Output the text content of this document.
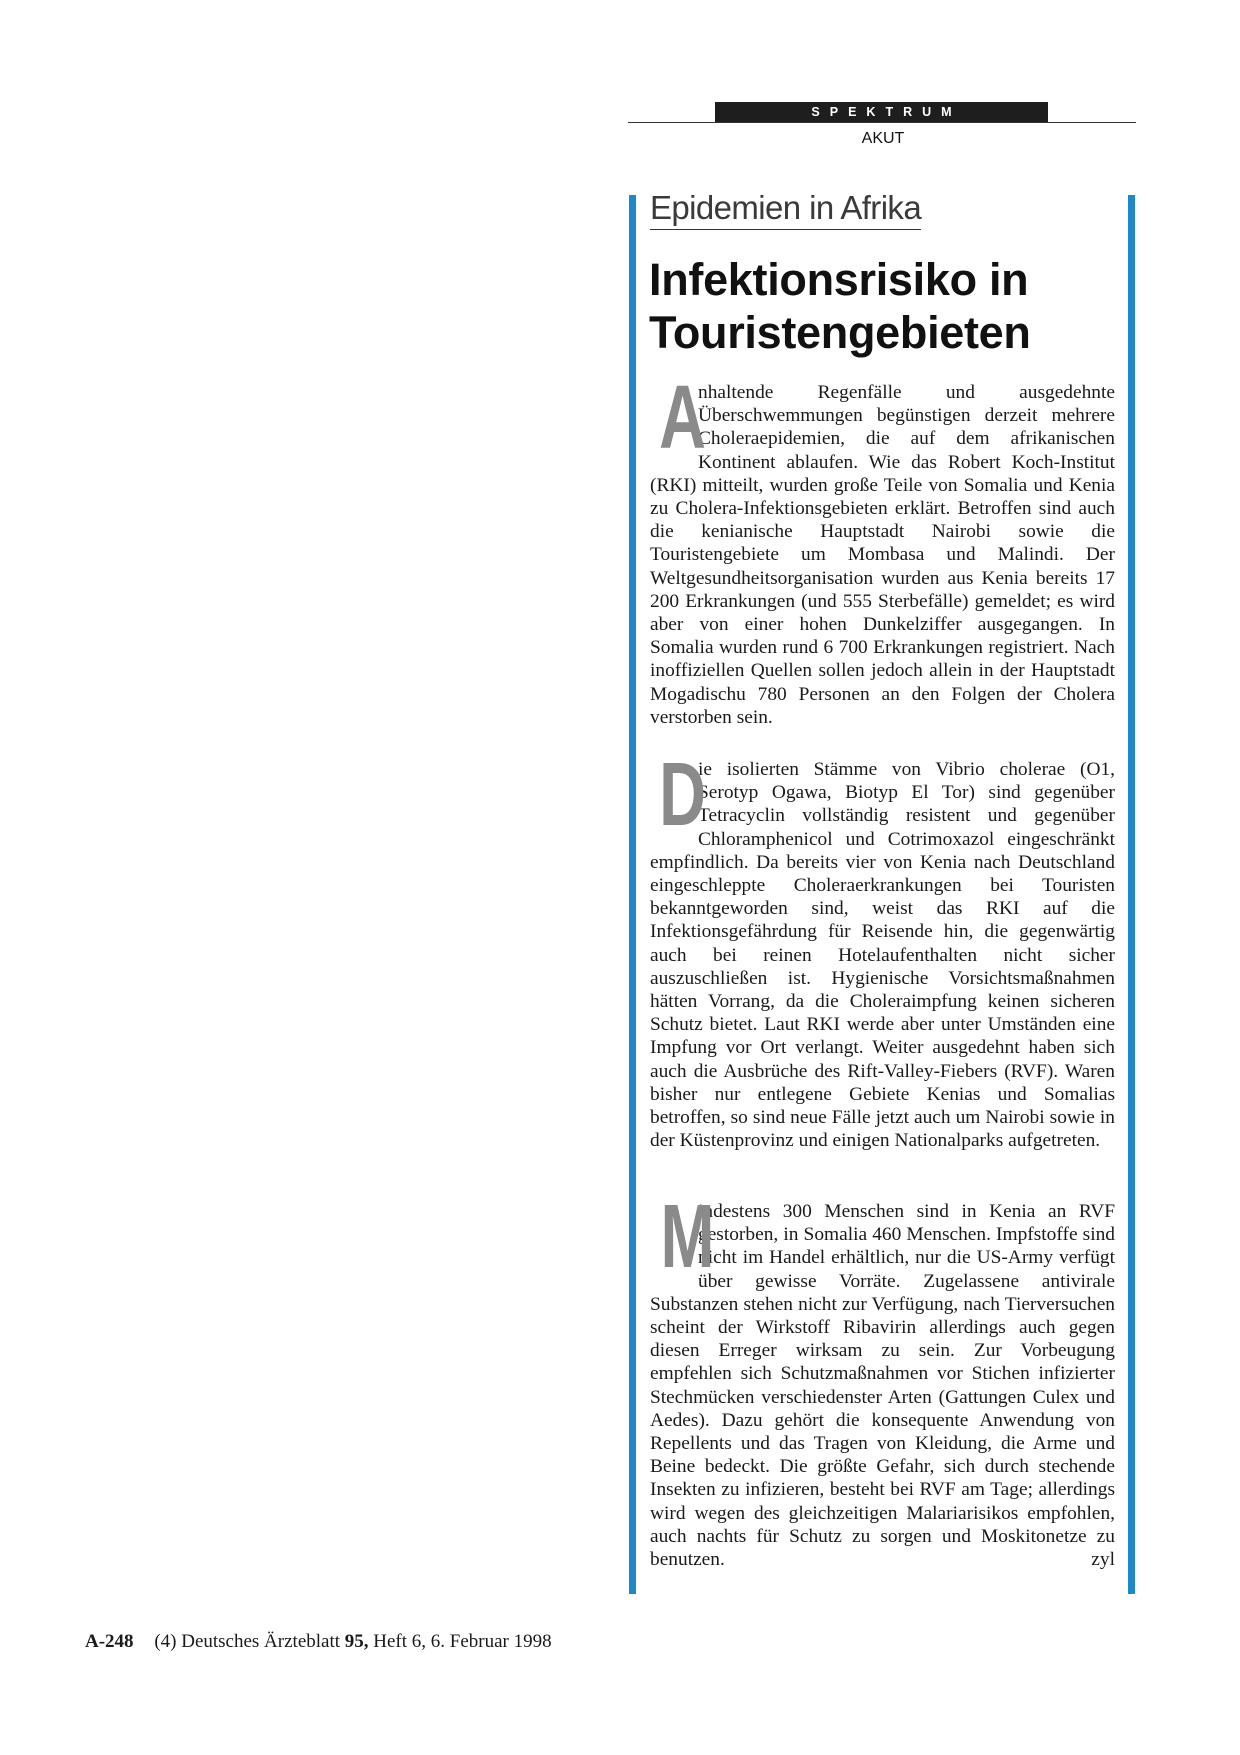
SPEKTRUM
AKUT
Epidemien in Afrika
Infektionsrisiko in Touristengebieten

A
nhaltende Regenfälle und ausgedehnte Überschwemmungen begünstigen derzeit mehrere Choleraepidemien, die auf dem afrikanischen Kontinent ablaufen. Wie das Robert Koch-Institut (RKI) mitteilt, wurden große Teile von Somalia und Kenia zu Cholera-Infektionsgebieten erklärt. Betroffen sind auch die kenianische Hauptstadt Nairobi sowie die Touristengebiete um Mombasa und Malindi. Der Weltgesundheitsorganisation wurden aus Kenia bereits 17 200 Erkrankungen (und 555 Sterbefälle) gemeldet; es wird aber von einer hohen Dunkelziffer ausgegangen. In Somalia wurden rund 6 700 Erkrankungen registriert. Nach inoffiziellen Quellen sollen jedoch allein in der Hauptstadt Mogadischu 780 Personen an den Folgen der Cholera verstorben sein.

D
ie isolierten Stämme von Vibrio cholerae (O1, Serotyp Ogawa, Biotyp El Tor) sind gegenüber Tetracyclin vollständig resistent und gegenüber Chloramphenicol und Cotrimoxazol eingeschränkt empfindlich. Da bereits vier von Kenia nach Deutschland eingeschleppte Choleraerkrankungen bei Touristen bekanntgeworden sind, weist das RKI auf die Infektionsgefährdung für Reisende hin, die gegenwärtig auch bei reinen Hotelaufenthalten nicht sicher auszuschließen ist. Hygienische Vorsichtsmaßnahmen hätten Vorrang, da die Choleraimpfung keinen sicheren Schutz bietet. Laut RKI werde aber unter Umständen eine Impfung vor Ort verlangt. Weiter ausgedehnt haben sich auch die Ausbrüche des Rift-Valley-Fiebers (RVF). Waren bisher nur entlegene Gebiete Kenias und Somalias betroffen, so sind neue Fälle jetzt auch um Nairobi sowie in der Küstenprovinz und einigen Nationalparks aufgetreten.

M
indestens 300 Menschen sind in Kenia an RVF gestorben, in Somalia 460 Menschen. Impfstoffe sind nicht im Handel erhältlich, nur die US-Army verfügt über gewisse Vorräte. Zugelassene antivirale Substanzen stehen nicht zur Verfügung, nach Tierversuchen scheint der Wirkstoff Ribavirin allerdings auch gegen diesen Erreger wirksam zu sein. Zur Vorbeugung empfehlen sich Schutzmaßnahmen vor Stichen infizierter Stechmücken verschiedenster Arten (Gattungen Culex und Aedes). Dazu gehört die konsequente Anwendung von Repellents und das Tragen von Kleidung, die Arme und Beine bedeckt. Die größte Gefahr, sich durch stechende Insekten zu infizieren, besteht bei RVF am Tage; allerdings wird wegen des gleichzeitigen Malariarisikos empfohlen, auch nachts für Schutz zu sorgen und Moskitonetze zu benutzen.	zyl

A-248 (4) Deutsches Ärzteblatt 95, Heft 6, 6. Februar 1998
